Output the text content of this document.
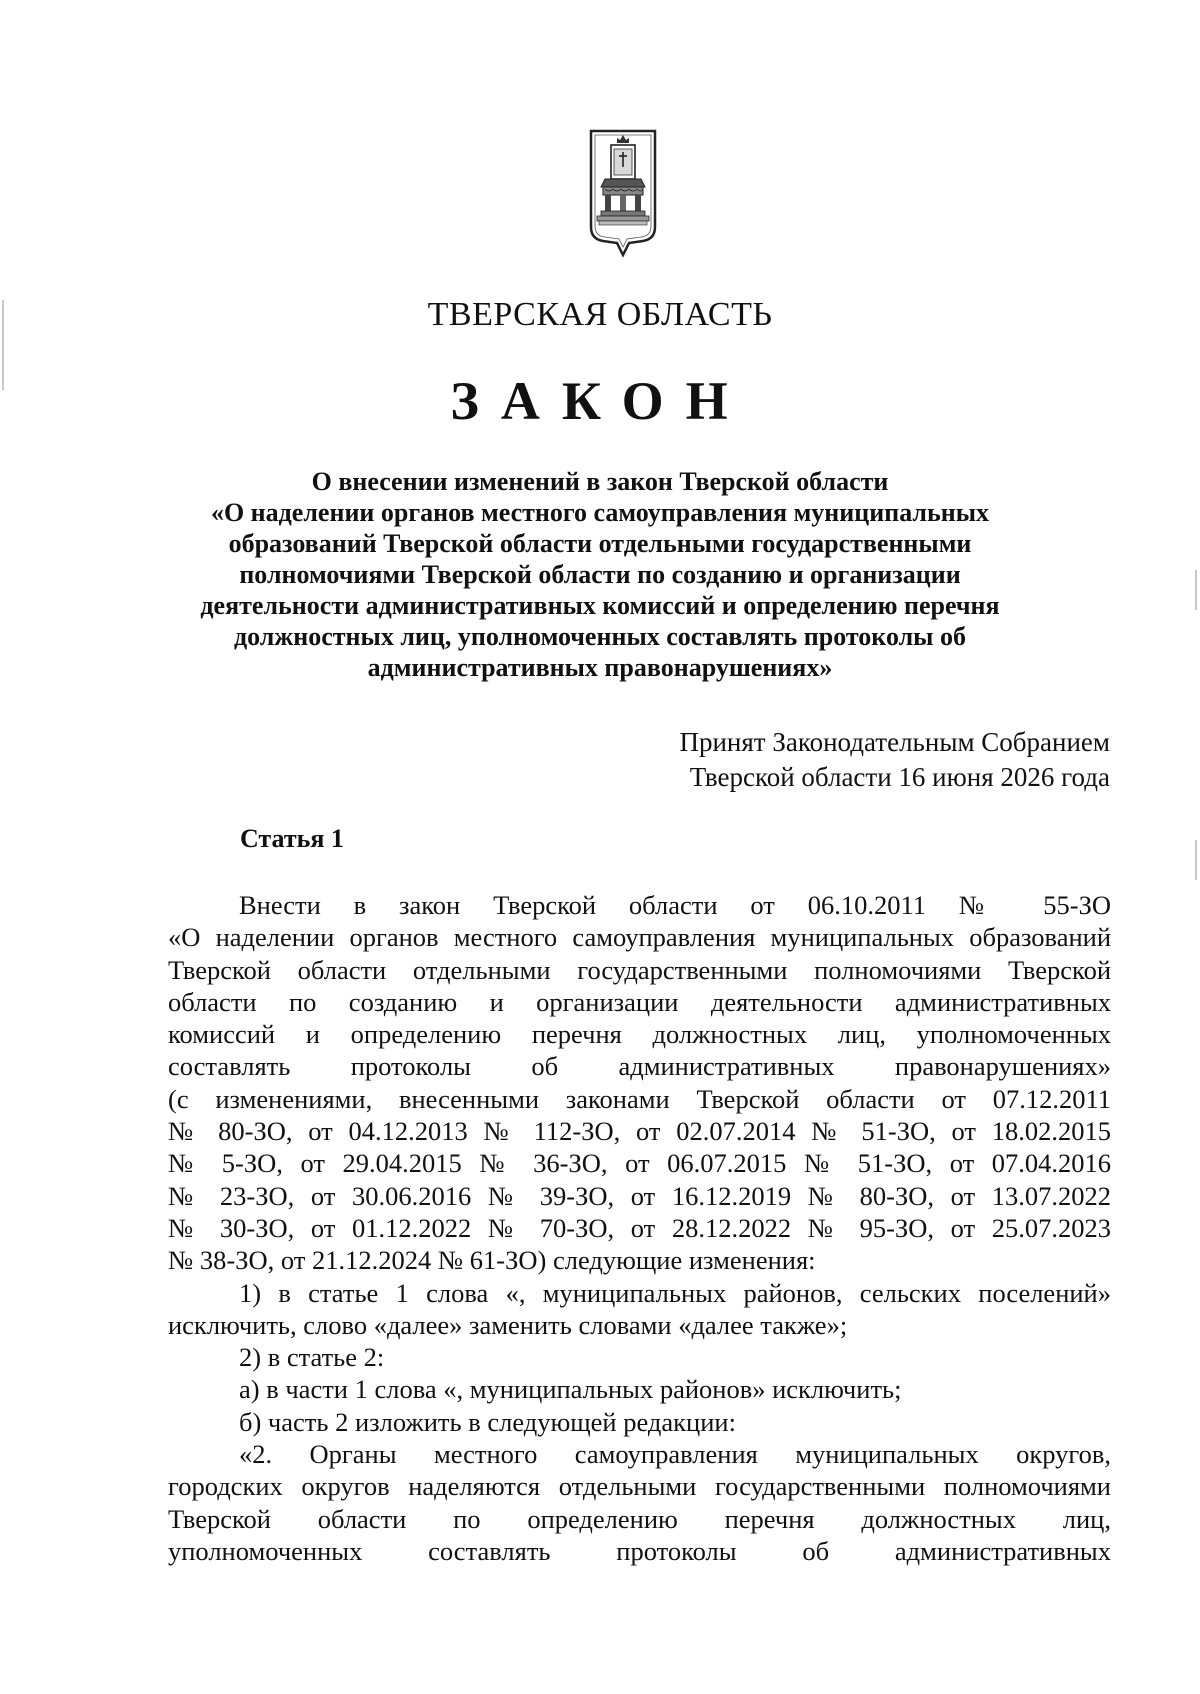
ТВЕРСКАЯ ОБЛАСТЬ
ЗАКОН
О внесении изменений в закон Тверской области
«О наделении органов местного самоуправления муниципальных
образований Тверской области отдельными государственными
полномочиями Тверской области по созданию и организации
деятельности административных комиссий и определению перечня
должностных лиц, уполномоченных составлять протоколы об
административных правонарушениях»
Принят Законодательным Собранием
Тверской области 16 июня 2026 года
Статья 1
Внести в закон Тверской области от 06.10.2011 № 55-ЗО
«О наделении органов местного самоуправления муниципальных образований
Тверской области отдельными государственными полномочиями Тверской
области по созданию и организации деятельности административных
комиссий и определению перечня должностных лиц, уполномоченных
составлять протоколы об административных правонарушениях»
(с изменениями, внесенными законами Тверской области от 07.12.2011
№ 80-ЗО, от 04.12.2013 № 112-ЗО, от 02.07.2014 № 51-ЗО, от 18.02.2015
№ 5-ЗО, от 29.04.2015 № 36-ЗО, от 06.07.2015 № 51-ЗО, от 07.04.2016
№ 23-ЗО, от 30.06.2016 № 39-ЗО, от 16.12.2019 № 80-ЗО, от 13.07.2022
№ 30-ЗО, от 01.12.2022 № 70-ЗО, от 28.12.2022 № 95-ЗО, от 25.07.2023
№ 38-ЗО, от 21.12.2024 № 61-ЗО) следующие изменения:
1) в статье 1 слова «, муниципальных районов, сельских поселений»
исключить, слово «далее» заменить словами «далее также»;
2) в статье 2:
а) в части 1 слова «, муниципальных районов» исключить;
б) часть 2 изложить в следующей редакции:
«2. Органы местного самоуправления муниципальных округов,
городских округов наделяются отдельными государственными полномочиями
Тверской области по определению перечня должностных лиц,
уполномоченных составлять протоколы об административных
